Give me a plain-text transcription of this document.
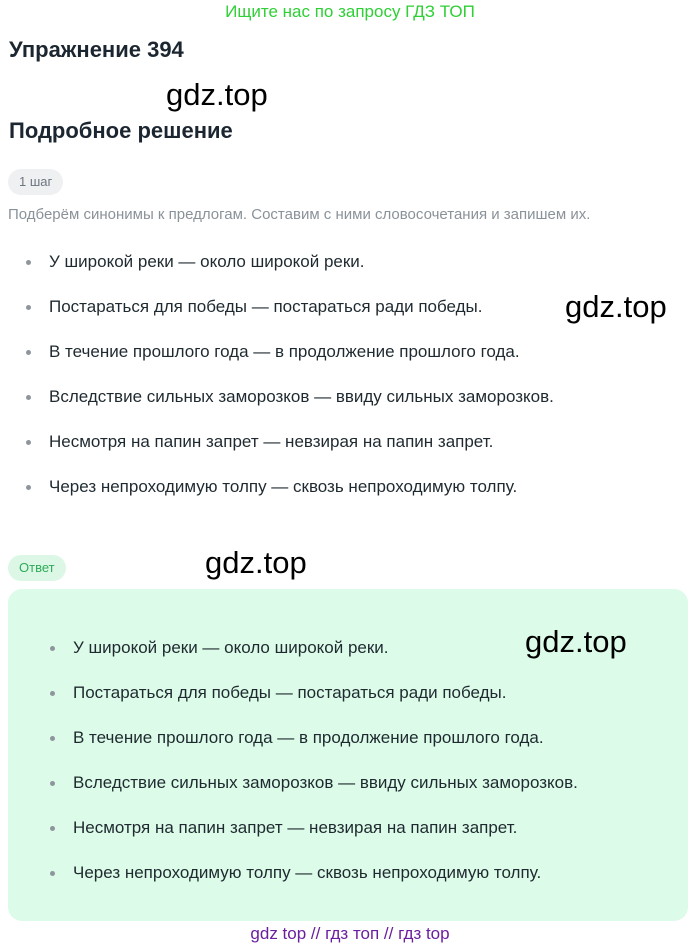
Ищите нас по запросу ГДЗ ТОП
Упражнение 394
gdz.top
Подробное решение
1 шаг
Подберём синонимы к предлогам. Составим с ними словосочетания и запишем их.
У широкой реки — около широкой реки.
Постараться для победы — постараться ради победы.
В течение прошлого года — в продолжение прошлого года.
Вследствие сильных заморозков — ввиду сильных заморозков.
Несмотря на папин запрет — невзирая на папин запрет.
Через непроходимую толпу — сквозь непроходимую толпу.
gdz.top
Ответ	gdz.top
У широкой реки — около широкой реки.
Постараться для победы — постараться ради победы.
В течение прошлого года — в продолжение прошлого года.
Вследствие сильных заморозков — ввиду сильных заморозков.
Несмотря на папин запрет — невзирая на папин запрет.
Через непроходимую толпу — сквозь непроходимую толпу.
gdz.top
gdz top // гдз топ // гдз top
